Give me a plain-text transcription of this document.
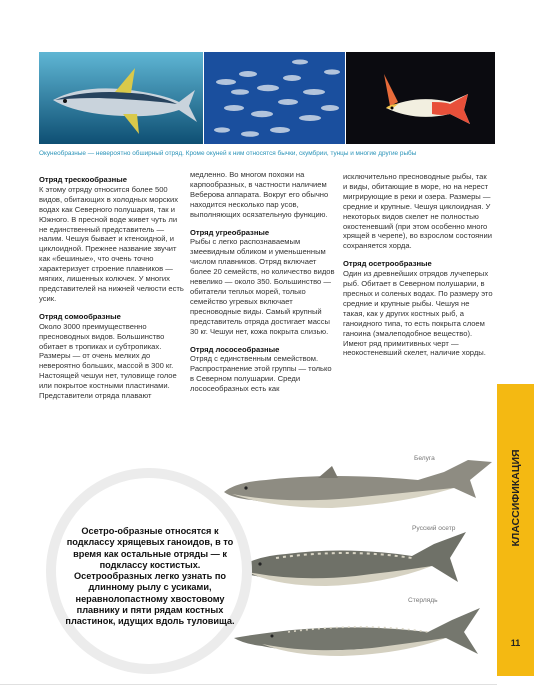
Окунеобразные — невероятно обширный отряд. Кроме окуней к ним относятся бычки, скумбрии, тунцы и многие другие рыбы
Отряд трескообразные
К этому отряду относится более 500 видов, обитающих в холодных морских водах как Северного полушария, так и Южного. В пресной воде живет чуть ли не единственный представитель — налим. Чешуя бывает и ктеноидной, и циклоидной. Прежнее название звучит как «бешиные», что очень точно характеризует строение плавников — мягких, лишенных колючек. У многих представителей на нижней челюсти есть усик.
Отряд сомообразные
Около 3000 преимущественно пресноводных видов. Большинство обитает в тропиках и субтропиках. Размеры — от очень мелких до невероятно больших, массой в 300 кг. Настоящей чешуи нет, туловище голое или покрытое костными пластинами. Представители отряда плавают
медленно. Во многом похожи на карпообразных, в частности наличием Веберова аппарата. Вокруг его обычно находится несколько пар усов, выполняющих осязательную функцию.
Отряд угреобразные
Рыбы с легко распознаваемым змеевидным обликом и уменьшенным числом плавников. Отряд включает более 20 семейств, но количество видов невелико — около 350. Большинство — обитатели теплых морей, только семейство угревых включает пресноводные виды. Самый крупный представитель отряда достигает массы 30 кг. Чешуи нет, кожа покрыта слизью.
Отряд лососеобразные
Отряд с единственным семейством. Распространение этой группы — только в Северном полушарии. Среди лососеобразных есть как
исключительно пресноводные рыбы, так и виды, обитающие в море, но на нерест мигрирующие в реки и озера. Размеры — средние и крупные. Чешуя циклоидная. У некоторых видов скелет не полностью окостеневший (при этом особенно много хрящей в черепе), во взрослом состоянии сохраняется хорда.
Отряд осетрообразные
Один из древнейших отрядов лучеперых рыб. Обитает в Северном полушарии, в пресных и соленых водах. По размеру это средние и крупные рыбы. Чешуя не такая, как у других костных рыб, а ганоидного типа, то есть покрыта слоем ганоина (эмалеподобное вещество). Имеют ряд примитивных черт — неокостеневший скелет, наличие хорды.
Белуга
Русский осетр
Стерлядь
Осетро-образные относятся к подклассу хрящевых ганоидов, в то время как остальные отряды — к подклассу костистых. Осетрообразных легко узнать по длинному рылу с усиками, неравнолопастному хвостовому плавнику и пяти рядам костных пластинок, идущих вдоль туловища.
КЛАССИФИКАЦИЯ
11
